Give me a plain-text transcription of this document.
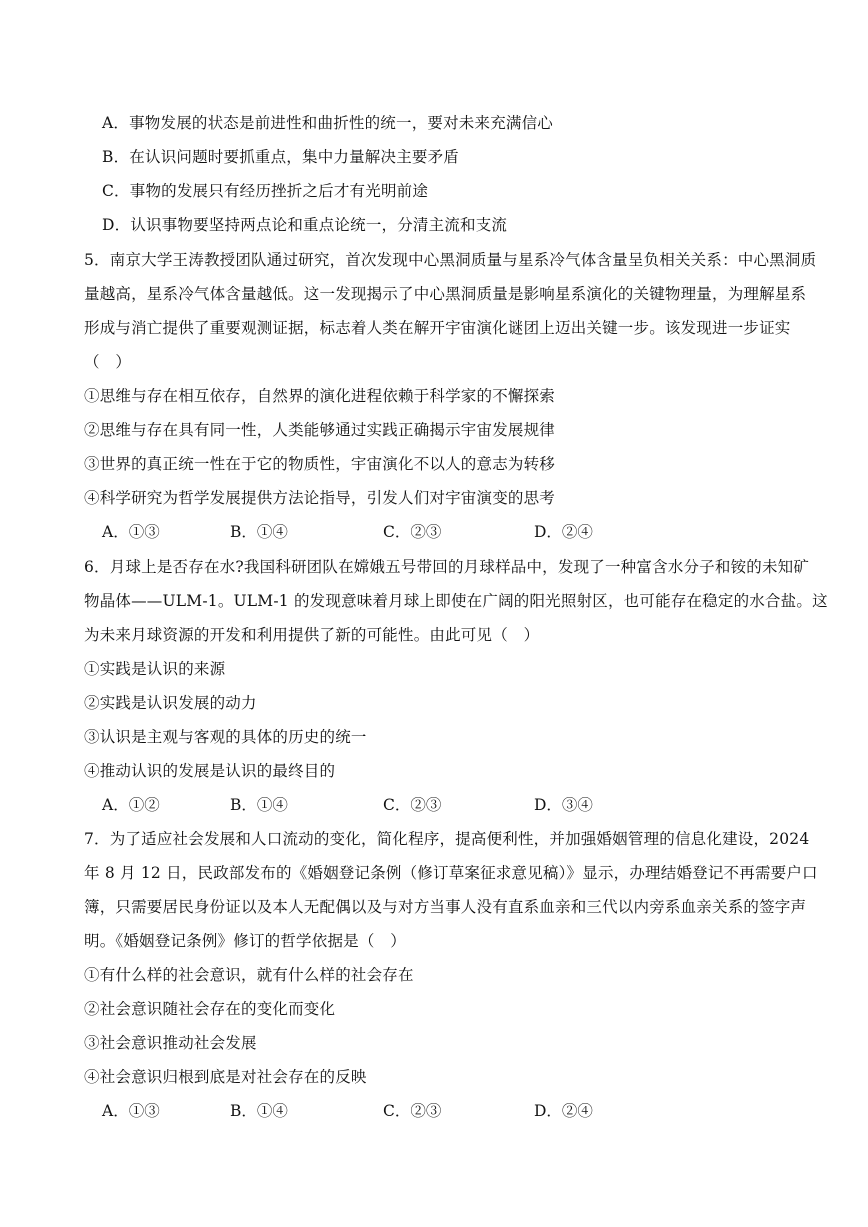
A．事物发展的状态是前进性和曲折性的统一，要对未来充满信心
B．在认识问题时要抓重点，集中力量解决主要矛盾
C．事物的发展只有经历挫折之后才有光明前途
D．认识事物要坚持两点论和重点论统一，分清主流和支流
5．南京大学王涛教授团队通过研究，首次发现中心黑洞质量与星系冷气体含量呈负相关关系：中心黑洞质
量越高，星系冷气体含量越低。这一发现揭示了中心黑洞质量是影响星系演化的关键物理量，为理解星系
形成与消亡提供了重要观测证据，标志着人类在解开宇宙演化谜团上迈出关键一步。该发现进一步证实
（　）
①思维与存在相互依存，自然界的演化进程依赖于科学家的不懈探索
②思维与存在具有同一性，人类能够通过实践正确揭示宇宙发展规律
③世界的真正统一性在于它的物质性，宇宙演化不以人的意志为转移
④科学研究为哲学发展提供方法论指导，引发人们对宇宙演变的思考
A．①③	B．①④	C．②③	D．②④
6．月球上是否存在水?我国科研团队在嫦娥五号带回的月球样品中，发现了一种富含水分子和铵的未知矿
物晶体——ULM-1。ULM-1 的发现意味着月球上即使在广阔的阳光照射区，也可能存在稳定的水合盐。这
为未来月球资源的开发和利用提供了新的可能性。由此可见（　）
①实践是认识的来源
②实践是认识发展的动力
③认识是主观与客观的具体的历史的统一
④推动认识的发展是认识的最终目的
A．①②	B．①④	C．②③	D．③④
7．为了适应社会发展和人口流动的变化，简化程序，提高便利性，并加强婚姻管理的信息化建设，2024
年 8 月 12 日，民政部发布的《婚姻登记条例（修订草案征求意见稿）》显示，办理结婚登记不再需要户口
簿，只需要居民身份证以及本人无配偶以及与对方当事人没有直系血亲和三代以内旁系血亲关系的签字声
明。《婚姻登记条例》修订的哲学依据是（　）
①有什么样的社会意识，就有什么样的社会存在
②社会意识随社会存在的变化而变化
③社会意识推动社会发展
④社会意识归根到底是对社会存在的反映
A．①③	B．①④	C．②③	D．②④
